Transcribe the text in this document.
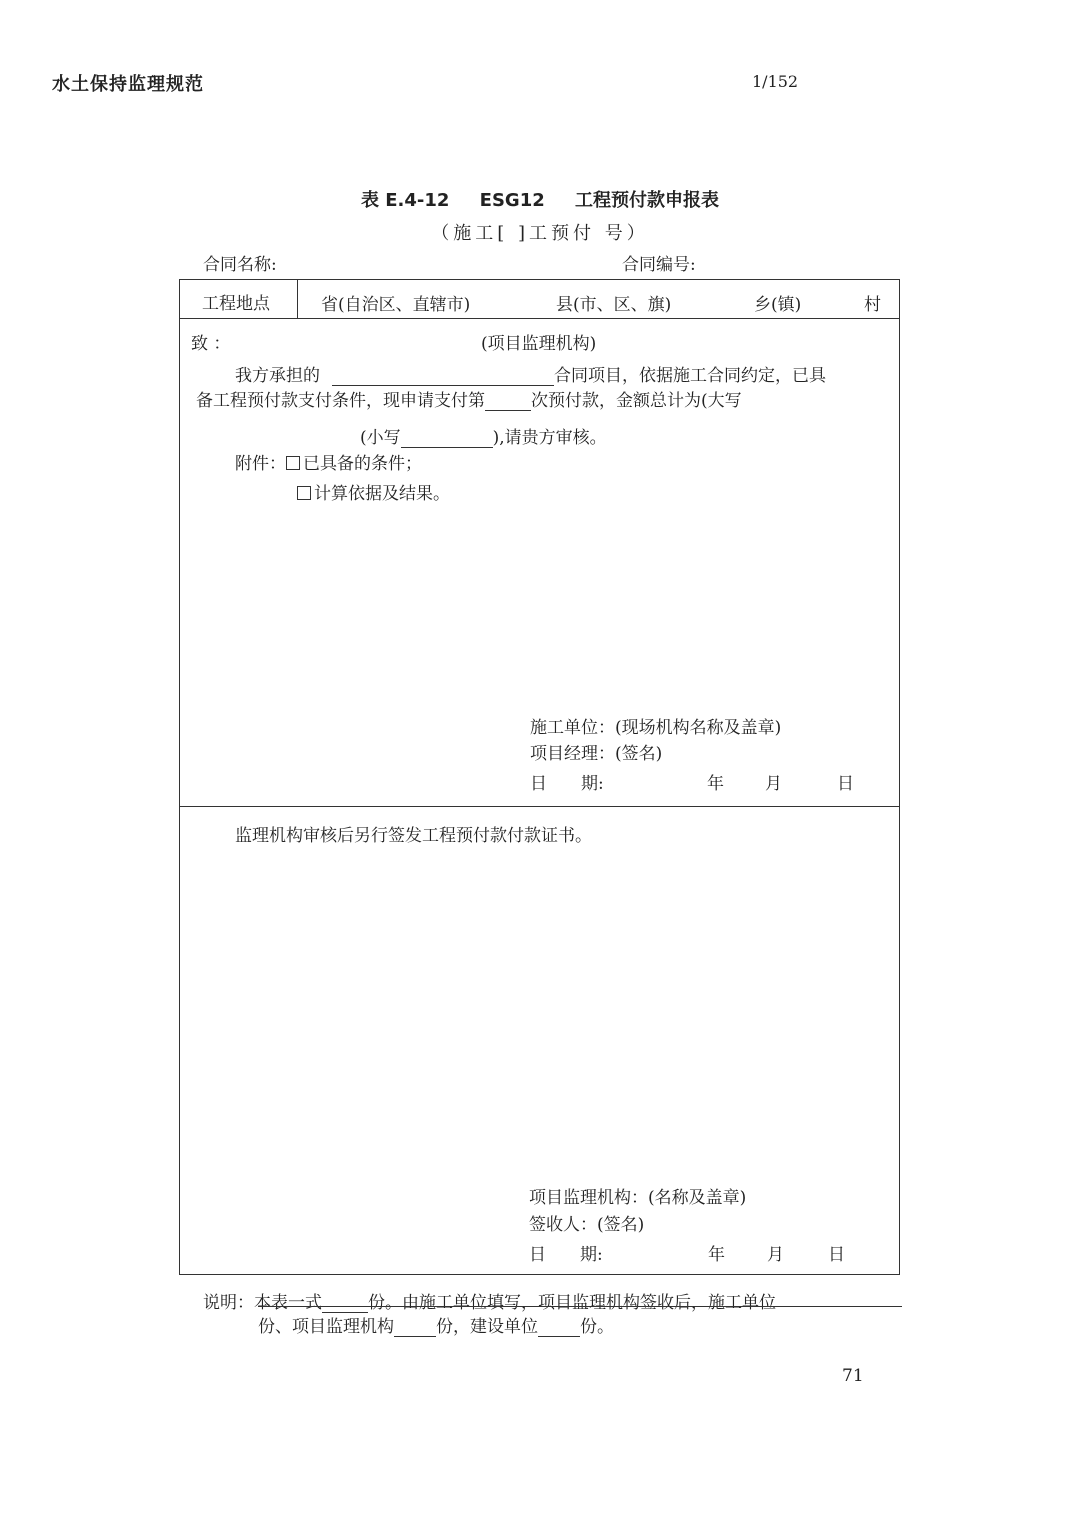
水土保持监理规范	1/152
表 E.4-12 ESG12 工程预付款申报表
（施工[ ]工预付 号）
合同名称:	合同编号:
工程地点	省(自治区、直辖市)	县(市、区、旗)	乡(镇)	村
致 ：	(项目监理机构)
我方承担的	合同项目，依据施工合同约定，已具
备工程预付款支付条件，现申请支付第	次预付款，金额总计为(大写
(小写	),请贵方审核。
附件： 已具备的条件；
计算依据及结果。
施工单位：(现场机构名称及盖章)
项目经理：(签名)
日　　期:	年 月	日
监理机构审核后另行签发工程预付款付款证书。
项目监理机构：(名称及盖章)
签收人：(签名)
日　　期:	年 月	日
说明：本表一式	份。由施工单位填写，项目监理机构签收后，施工单位
份、项目监理机构 份，建设单位 份。
71
